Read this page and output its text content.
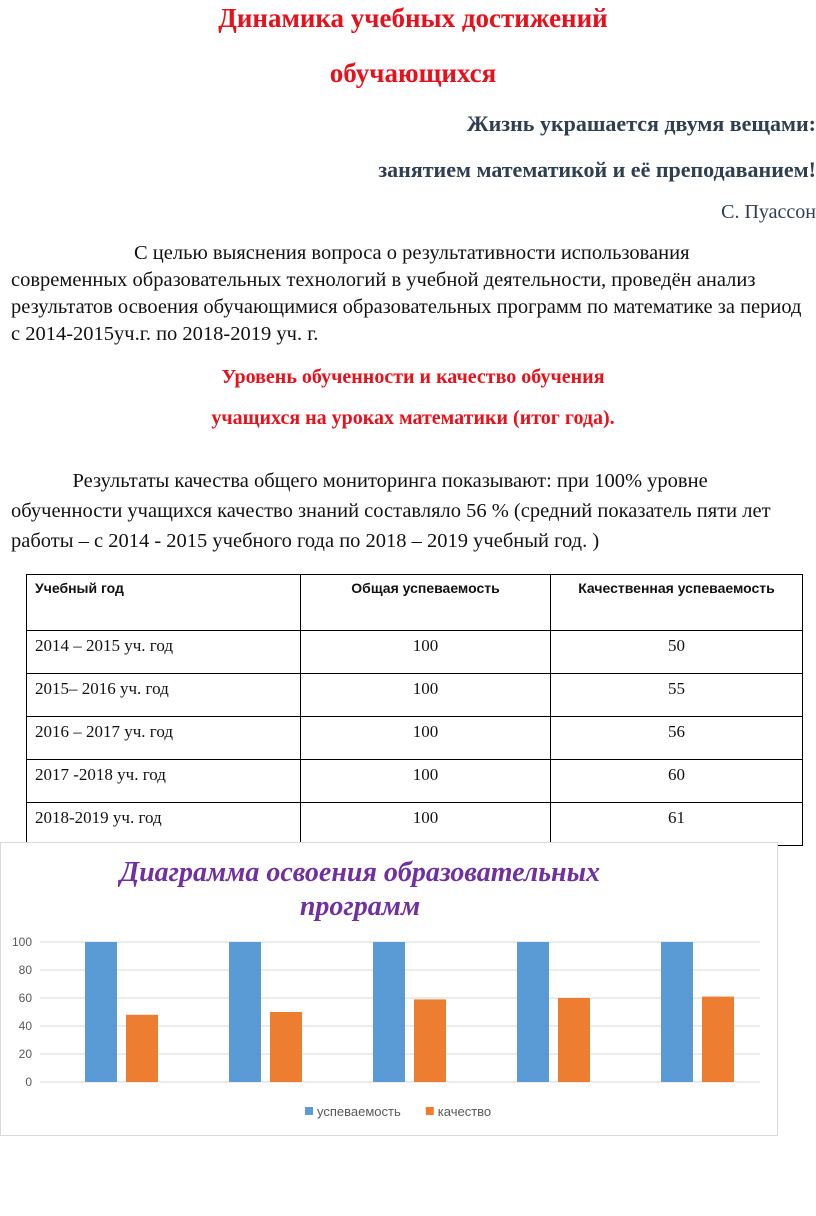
Динамика учебных достижений
обучающихся
Жизнь украшается двумя вещами:
занятием математикой и её преподаванием!
С. Пуассон
С целью выяснения вопроса о результативности использования современных образовательных технологий в учебной деятельности, проведён анализ результатов освоения обучающимися образовательных программ по математике за период с 2014-2015уч.г. по 2018-2019 уч. г.
Уровень обученности и качество обучения
учащихся на уроках математики (итог года).
Результаты качества общего мониторинга показывают: при 100% уровне обученности учащихся качество знаний составляло 56 % (средний показатель пяти лет работы – с 2014 - 2015 учебного года по 2018 – 2019 учебный год. )
Учебный год	Общая успеваемость	Качественная успеваемость
2014 – 2015 уч. год	100	50
2015– 2016 уч. год	100	55
2016 – 2017 уч. год	100	56
2017 -2018 уч. год	100	60
2018-2019 уч. год	100	61
Диаграмма освоения образовательных
программ
0
20
40
60
80
100
успеваемость	качество
